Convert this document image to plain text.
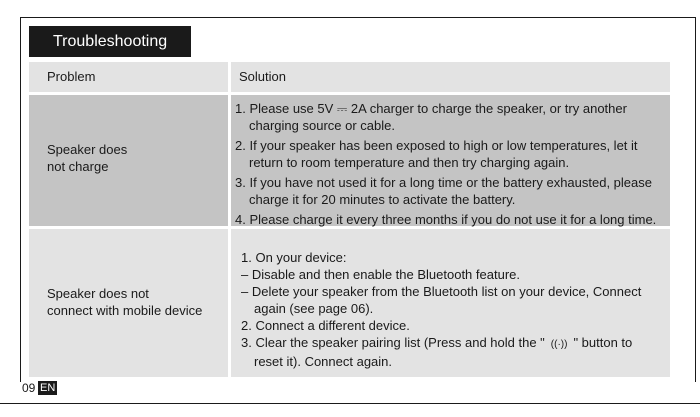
Troubleshooting
Problem	Solution
Speaker does
not charge
1. Please use 5V ⎓ 2A charger to charge the speaker, or try another
charging source or cable.
2. If your speaker has been exposed to high or low temperatures, let it
return to room temperature and then try charging again.
3. If you have not used it for a long time or the battery exhausted, please
charge it for 20 minutes to activate the battery.
4. Please charge it every three months if you do not use it for a long time.
Speaker does not
connect with mobile device
1. On your device:
– Disable and then enable the Bluetooth feature.
– Delete your speaker from the Bluetooth list on your device, Connect
again (see page 06).
2. Connect a different device.
3. Clear the speaker pairing list (Press and hold the " ((·)) " button to
reset it). Connect again.
09 EN
